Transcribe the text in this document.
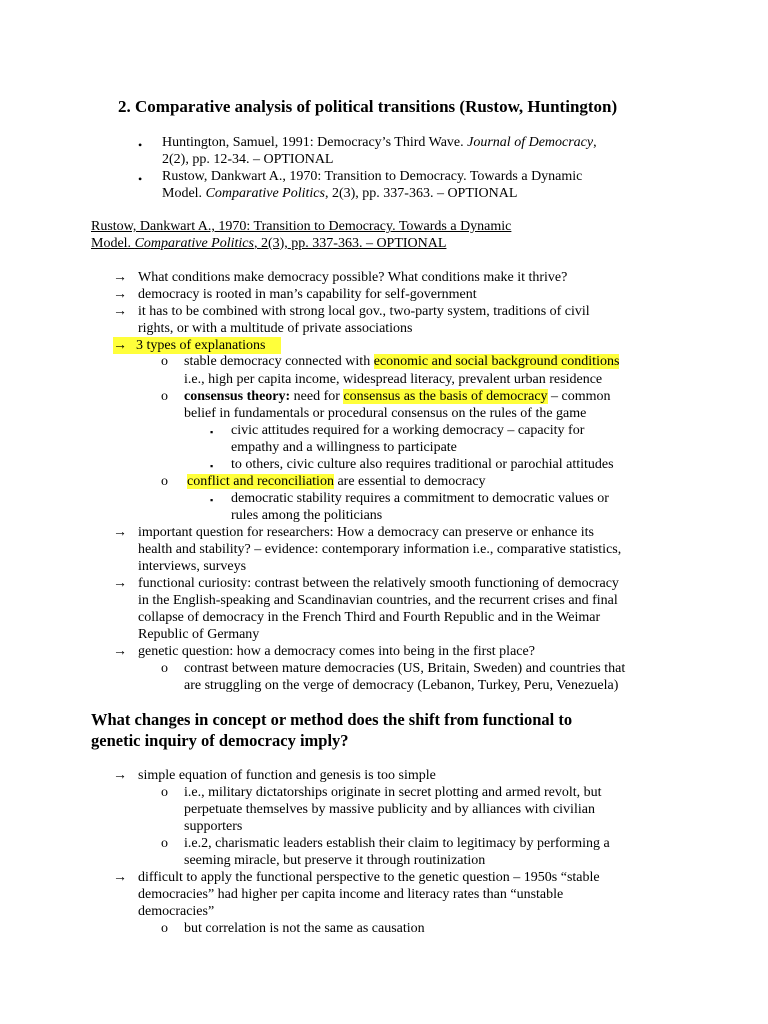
2. Comparative analysis of political transitions (Rustow, Huntington)
• Huntington, Samuel, 1991: Democracy’s Third Wave. Journal of Democracy,
2(2), pp. 12-34. – OPTIONAL
• Rustow, Dankwart A., 1970: Transition to Democracy. Towards a Dynamic
Model. Comparative Politics, 2(3), pp. 337-363. – OPTIONAL
Rustow, Dankwart A., 1970: Transition to Democracy. Towards a Dynamic
Model. Comparative Politics, 2(3), pp. 337-363. – OPTIONAL
→ What conditions make democracy possible? What conditions make it thrive?
→ democracy is rooted in man’s capability for self-government
→ it has to be combined with strong local gov., two-party system, traditions of civil
rights, or with a multitude of private associations
→ 3 types of explanations
o stable democracy connected with economic and social background conditions
i.e., high per capita income, widespread literacy, prevalent urban residence
o consensus theory: need for consensus as the basis of democracy – common
belief in fundamentals or procedural consensus on the rules of the game
▪ civic attitudes required for a working democracy – capacity for
empathy and a willingness to participate
▪ to others, civic culture also requires traditional or parochial attitudes
o conflict and reconciliation are essential to democracy
▪ democratic stability requires a commitment to democratic values or
rules among the politicians
→ important question for researchers: How a democracy can preserve or enhance its
health and stability? – evidence: contemporary information i.e., comparative statistics,
interviews, surveys
→ functional curiosity: contrast between the relatively smooth functioning of democracy
in the English-speaking and Scandinavian countries, and the recurrent crises and final
collapse of democracy in the French Third and Fourth Republic and in the Weimar
Republic of Germany
→ genetic question: how a democracy comes into being in the first place?
o contrast between mature democracies (US, Britain, Sweden) and countries that
are struggling on the verge of democracy (Lebanon, Turkey, Peru, Venezuela)
What changes in concept or method does the shift from functional to
genetic inquiry of democracy imply?
→ simple equation of function and genesis is too simple
o i.e., military dictatorships originate in secret plotting and armed revolt, but
perpetuate themselves by massive publicity and by alliances with civilian
supporters
o i.e.2, charismatic leaders establish their claim to legitimacy by performing a
seeming miracle, but preserve it through routinization
→ difficult to apply the functional perspective to the genetic question – 1950s “stable
democracies” had higher per capita income and literacy rates than “unstable
democracies”
o but correlation is not the same as causation
